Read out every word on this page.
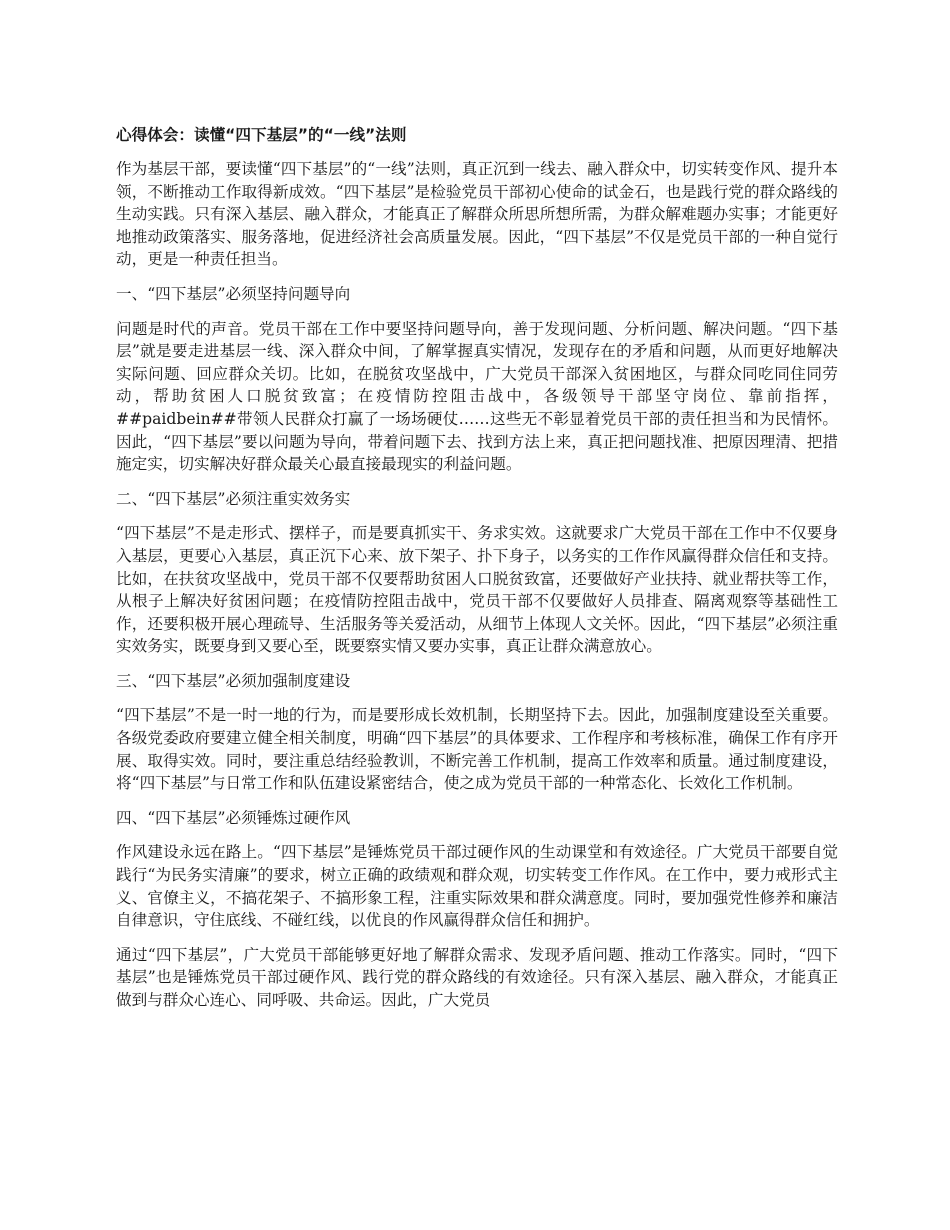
心得体会：读懂“四下基层”的“一线”法则

作为基层干部，要读懂“四下基层”的“一线”法则，真正沉到一线去、融入群众中，切实转变作风、提升本领，不断推动工作取得新成效。“四下基层”是检验党员干部初心使命的试金石，也是践行党的群众路线的生动实践。只有深入基层、融入群众，才能真正了解群众所思所想所需，为群众解难题办实事；才能更好地推动政策落实、服务落地，促进经济社会高质量发展。因此，“四下基层”不仅是党员干部的一种自觉行动，更是一种责任担当。

一、“四下基层”必须坚持问题导向

问题是时代的声音。党员干部在工作中要坚持问题导向，善于发现问题、分析问题、解决问题。“四下基层”就是要走进基层一线、深入群众中间，了解掌握真实情况，发现存在的矛盾和问题，从而更好地解决实际问题、回应群众关切。比如，在脱贫攻坚战中，广大党员干部深入贫困地区，与群众同吃同住同劳动，帮助贫困人口脱贫致富；在疫情防控阻击战中，各级领导干部坚守岗位、靠前指挥，##paidbein##带领人民群众打赢了一场场硬仗……这些无不彰显着党员干部的责任担当和为民情怀。因此，“四下基层”要以问题为导向，带着问题下去、找到方法上来，真正把问题找准、把原因理清、把措施定实，切实解决好群众最关心最直接最现实的利益问题。

二、“四下基层”必须注重实效务实

“四下基层”不是走形式、摆样子，而是要真抓实干、务求实效。这就要求广大党员干部在工作中不仅要身入基层，更要心入基层，真正沉下心来、放下架子、扑下身子，以务实的工作作风赢得群众信任和支持。比如，在扶贫攻坚战中，党员干部不仅要帮助贫困人口脱贫致富，还要做好产业扶持、就业帮扶等工作，从根子上解决好贫困问题；在疫情防控阻击战中，党员干部不仅要做好人员排查、隔离观察等基础性工作，还要积极开展心理疏导、生活服务等关爱活动，从细节上体现人文关怀。因此，“四下基层”必须注重实效务实，既要身到又要心至，既要察实情又要办实事，真正让群众满意放心。

三、“四下基层”必须加强制度建设

“四下基层”不是一时一地的行为，而是要形成长效机制，长期坚持下去。因此，加强制度建设至关重要。各级党委政府要建立健全相关制度，明确“四下基层”的具体要求、工作程序和考核标准，确保工作有序开展、取得实效。同时，要注重总结经验教训，不断完善工作机制，提高工作效率和质量。通过制度建设，将“四下基层”与日常工作和队伍建设紧密结合，使之成为党员干部的一种常态化、长效化工作机制。

四、“四下基层”必须锤炼过硬作风

作风建设永远在路上。“四下基层”是锤炼党员干部过硬作风的生动课堂和有效途径。广大党员干部要自觉践行“为民务实清廉”的要求，树立正确的政绩观和群众观，切实转变工作作风。在工作中，要力戒形式主义、官僚主义，不搞花架子、不搞形象工程，注重实际效果和群众满意度。同时，要加强党性修养和廉洁自律意识，守住底线、不碰红线，以优良的作风赢得群众信任和拥护。

通过“四下基层”，广大党员干部能够更好地了解群众需求、发现矛盾问题、推动工作落实。同时，“四下基层”也是锤炼党员干部过硬作风、践行党的群众路线的有效途径。只有深入基层、融入群众，才能真正做到与群众心连心、同呼吸、共命运。因此，广大党员
